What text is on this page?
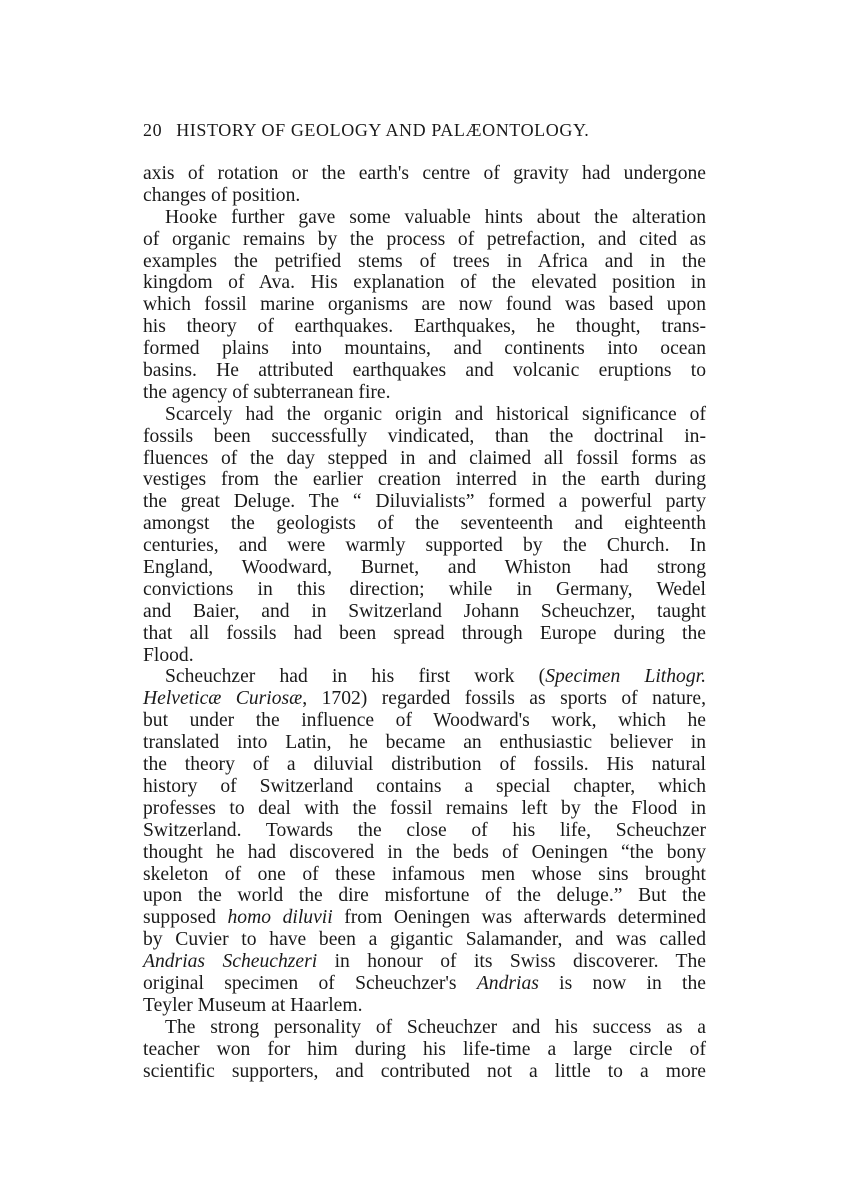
20 HISTORY OF GEOLOGY AND PALÆONTOLOGY.
axis of rotation or the earth's centre of gravity had undergone
changes of position.
Hooke further gave some valuable hints about the alteration
of organic remains by the process of petrefaction, and cited as
examples the petrified stems of trees in Africa and in the
kingdom of Ava. His explanation of the elevated position in
which fossil marine organisms are now found was based upon
his theory of earthquakes. Earthquakes, he thought, trans-
formed plains into mountains, and continents into ocean
basins. He attributed earthquakes and volcanic eruptions to
the agency of subterranean fire.
Scarcely had the organic origin and historical significance of
fossils been successfully vindicated, than the doctrinal in-
fluences of the day stepped in and claimed all fossil forms as
vestiges from the earlier creation interred in the earth during
the great Deluge. The “ Diluvialists” formed a powerful party
amongst the geologists of the seventeenth and eighteenth
centuries, and were warmly supported by the Church. In
England, Woodward, Burnet, and Whiston had strong
convictions in this direction; while in Germany, Wedel
and Baier, and in Switzerland Johann Scheuchzer, taught
that all fossils had been spread through Europe during the
Flood.
Scheuchzer had in his first work (Specimen Lithogr.
Helveticæ Curiosæ, 1702) regarded fossils as sports of nature,
but under the influence of Woodward's work, which he
translated into Latin, he became an enthusiastic believer in
the theory of a diluvial distribution of fossils. His natural
history of Switzerland contains a special chapter, which
professes to deal with the fossil remains left by the Flood in
Switzerland. Towards the close of his life, Scheuchzer
thought he had discovered in the beds of Oeningen “the bony
skeleton of one of these infamous men whose sins brought
upon the world the dire misfortune of the deluge.” But the
supposed homo diluvii from Oeningen was afterwards determined
by Cuvier to have been a gigantic Salamander, and was called
Andrias Scheuchzeri in honour of its Swiss discoverer. The
original specimen of Scheuchzer's Andrias is now in the
Teyler Museum at Haarlem.
The strong personality of Scheuchzer and his success as a
teacher won for him during his life-time a large circle of
scientific supporters, and contributed not a little to a more
